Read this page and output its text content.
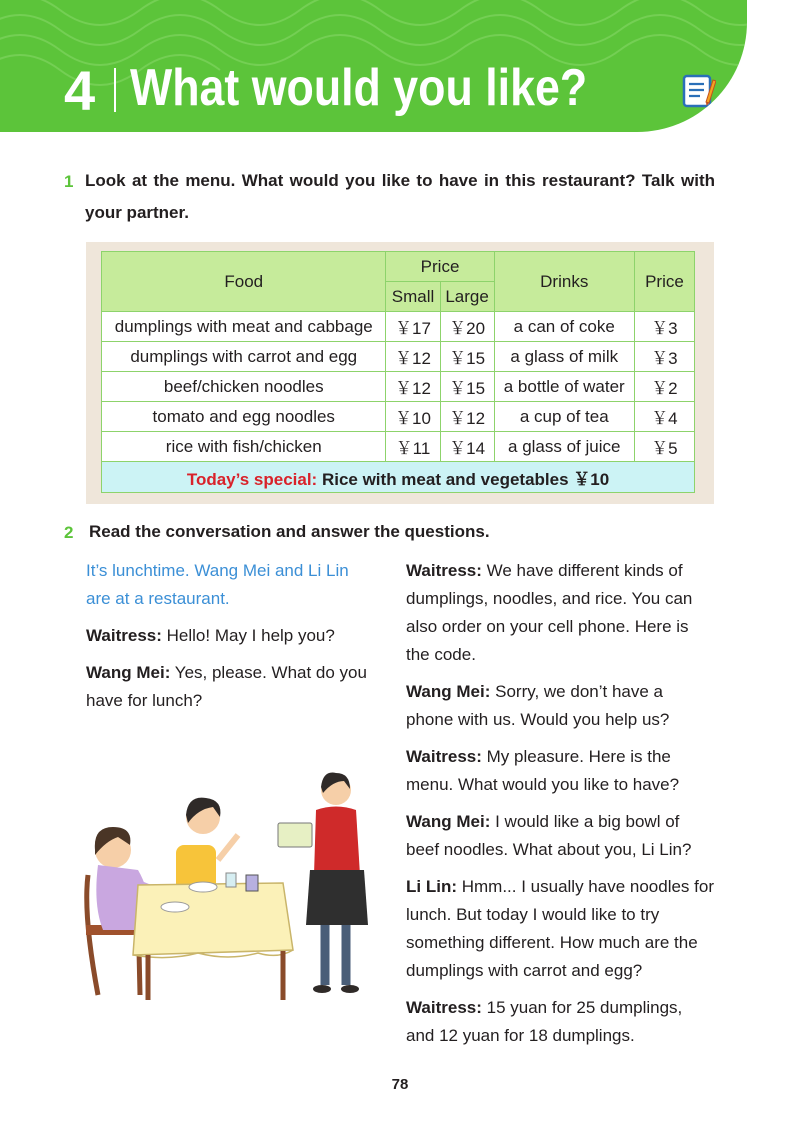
4 What would you like?
1 Look at the menu. What would you like to have in this restaurant? Talk with
your partner.
Food	Price		Drinks	Price
	Small	Large		
dumplings with meat and cabbage	￥17	￥20	a can of coke	￥3
dumplings with carrot and egg	￥12	￥15	a glass of milk	￥3
beef/chicken noodles	￥12	￥15	a bottle of water	￥2
tomato and egg noodles	￥10	￥12	a cup of tea	￥4
rice with fish/chicken	￥11	￥14	a glass of juice	￥5
Today’s special: Rice with meat and vegetables ￥10				
2 Read the conversation and answer the questions.

It’s lunchtime. Wang Mei and Li Lin are at a restaurant.

Waitress: Hello! May I help you?

Wang Mei: Yes, please. What do you have for lunch?

Waitress: We have different kinds of dumplings, noodles, and rice. You can also order on your cell phone. Here is the code.

Wang Mei: Sorry, we don’t have a phone with us. Would you help us?

Waitress: My pleasure. Here is the menu. What would you like to have?

Wang Mei: I would like a big bowl of beef noodles. What about you, Li Lin?

Li Lin: Hmm... I usually have noodles for lunch. But today I would like to try something different. How much are the dumplings with carrot and egg?

Waitress: 15 yuan for 25 dumplings, and 12 yuan for 18 dumplings.

78
